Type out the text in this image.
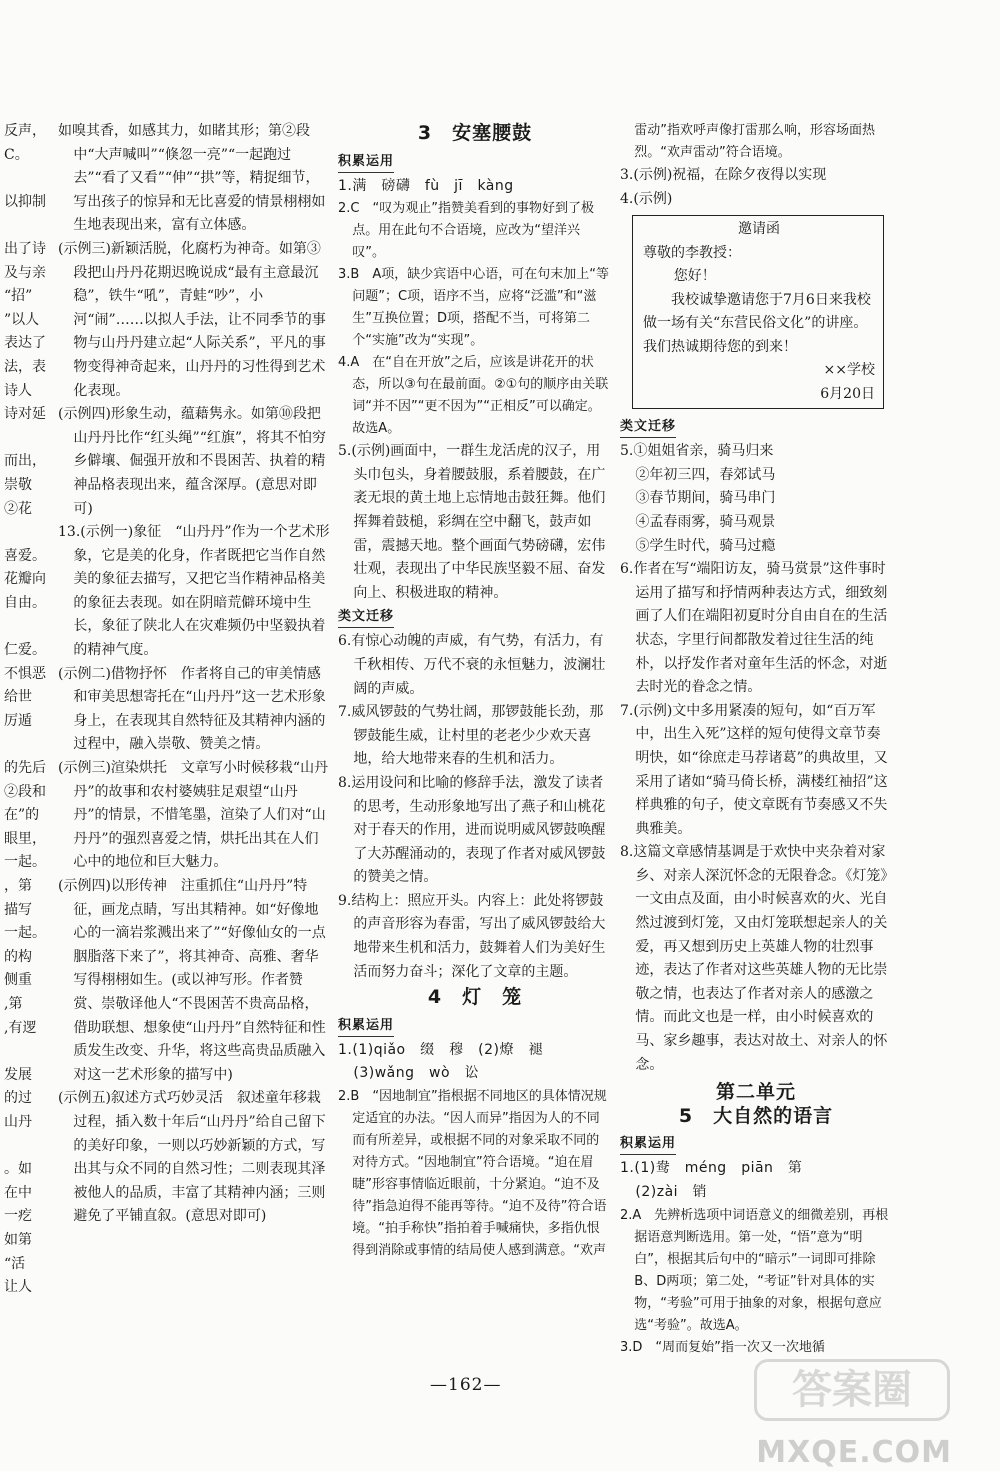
反声，

C。

以抑制

出了诗

及与亲

“招”

”以人

表达了

法，表

诗人

诗对延

而出，

崇敬

②花

喜爱。

花瓣向

自由。

仁爱。

不惧恶

给世

厉遁

的先后

②段和

在”的

眼里，

一起。

，第

描写

一起。

的构

侧重

,第

,有逻

发展

的过

山丹

。如

在中

一疙

如第

“活

让人

如嗅其香，如感其力，如睹其形；第②段中“大声喊叫”“倏忽一亮”“一起跑过去”“看了又看”“伸”“拱”等，精捉细节，写出孩子的惊异和无比喜爱的情景栩栩如生地表现出来，富有立体感。

(示例三)新颖活脱，化腐朽为神奇。如第③段把山丹丹花期迟晚说成“最有主意最沉稳”，铁牛“吼”，青蛙“吵”，小河“闹”……以拟人手法，让不同季节的事物与山丹丹建立起“人际关系”，平凡的事物变得神奇起来，山丹丹的习性得到艺术化表现。

(示例四)形象生动，蕴藉隽永。如第⑩段把山丹丹比作“红头绳”“红旗”，将其不怕穷乡僻壤、倔强开放和不畏困苦、执着的精神品格表现出来，蕴含深厚。(意思对即可)

13.(示例一)象征　“山丹丹”作为一个艺术形象，它是美的化身，作者既把它当作自然美的象征去描写，又把它当作精神品格美的象征去表现。如在阴暗荒僻环境中生长，象征了陕北人在灾难频仍中坚毅执着的精神气度。

(示例二)借物抒怀　作者将自己的审美情感和审美思想寄托在“山丹丹”这一艺术形象身上，在表现其自然特征及其精神内涵的过程中，融入崇敬、赞美之情。

(示例三)渲染烘托　文章写小时候移栽“山丹丹”的故事和农村婆姨驻足艰望“山丹丹”的情景，不惜笔墨，渲染了人们对“山丹丹”的强烈喜爱之情，烘托出其在人们心中的地位和巨大魅力。

(示例四)以形传神　注重抓住“山丹丹”特征，画龙点睛，写出其精神。如“好像地心的一滴岩浆溅出来了”“好像仙女的一点胭脂落下来了”，将其神奇、高雅、奢华写得栩栩如生。(或以神写形。作者赞赏、崇敬译他人“不畏困苦不贵高品格，借助联想、想象使“山丹丹”自然特征和性质发生改变、升华，将这些高贵品质融入对这一艺术形象的描写中)

(示例五)叙述方式巧妙灵活　叙述童年移栽过程，插入数十年后“山丹丹”给自己留下的美好印象，一则以巧妙新颖的方式，写出其与众不同的自然习性；二则表现其泽被他人的品质，丰富了其精神内涵；三则避免了平铺直叙。(意思对即可)

3　安塞腰鼓
积累运用

1.满　磅礴　fù　jī　kàng

2.C　“叹为观止”指赞美看到的事物好到了极点。用在此句不合语境，应改为“望洋兴叹”。

3.B　A项，缺少宾语中心语，可在句末加上“等问题”；C项，语序不当，应将“泛滥”和“滋生”互换位置；D项，搭配不当，可将第二个“实施”改为“实现”。

4.A　在“自在开放”之后，应该是讲花开的状态，所以③句在最前面。②①句的顺序由关联词“并不因”“更不因为”“正相反”可以确定。故选A。

5.(示例)画面中，一群生龙活虎的汉子，用头巾包头，身着腰鼓服，系着腰鼓，在广袤无垠的黄土地上忘情地击鼓狂舞。他们挥舞着鼓槌，彩绸在空中翻飞，鼓声如雷，震撼天地。整个画面气势磅礴，宏伟壮观，表现出了中华民族坚毅不屈、奋发向上、积极进取的精神。

类文迁移

6.有惊心动魄的声威，有气势，有活力，有千秋相传、万代不衰的永恒魅力，波澜壮阔的声威。

7.威风锣鼓的气势壮阔，那锣鼓能长劲，那锣鼓能生威，让村里的老老少少欢天喜地，给大地带来春的生机和活力。

8.运用设问和比喻的修辞手法，激发了读者的思考，生动形象地写出了燕子和山桃花对于春天的作用，进而说明威风锣鼓唤醒了大苏醒涌动的，表现了作者对威风锣鼓的赞美之情。

9.结构上：照应开头。内容上：此处将锣鼓的声音形容为春雷，写出了威风锣鼓给大地带来生机和活力，鼓舞着人们为美好生活而努力奋斗；深化了文章的主题。

4　灯　笼
积累运用

1.(1)qiǎo　缀　穆　(2)燎　褪

(3)wǎng　wò　讼

2.B　“因地制宜”指根据不同地区的具体情况规定适宜的办法。“因人而异”指因为人的不同而有所差异，或根据不同的对象采取不同的对待方式。“因地制宜”符合语境。“迫在眉睫”形容事情临近眼前，十分紧迫。“迫不及待”指急迫得不能再等待。“迫不及待”符合语境。“拍手称快”指拍着手喊痛快，多指仇恨得到消除或事情的结局使人感到满意。“欢声

雷动”指欢呼声像打雷那么响，形容场面热烈。“欢声雷动”符合语境。

3.(示例)祝福，在除夕夜得以实现

4.(示例)

邀请函
尊敬的李教授：
您好！
我校诚挚邀请您于7月6日来我校做一场有关“东营民俗文化”的讲座。我们热诚期待您的到来！
××学校
6月20日
类文迁移

5.①姐姐省亲，骑马归来

②年初三四，春郊试马

③春节期间，骑马串门

④孟春雨雾，骑马观景

⑤学生时代，骑马过瘾

6.作者在写“端阳访友，骑马赏景”这件事时运用了描写和抒情两种表达方式，细致刻画了人们在端阳初夏时分自由自在的生活状态，字里行间都散发着过往生活的纯朴，以抒发作者对童年生活的怀念，对逝去时光的眷念之情。

7.(示例)文中多用紧凑的短句，如“百万军中，出生入死”这样的短句使得文章节奏明快，如“徐庶走马荐诸葛”的典故里，又采用了诸如“骑马倚长桥，满楼红袖招”这样典雅的句子，使文章既有节奏感又不失典雅美。

8.这篇文章感情基调是于欢快中夹杂着对家乡、对亲人深沉怀念的无限眷念。《灯笼》一文由点及面，由小时候喜欢的火、光自然过渡到灯笼，又由灯笼联想起亲人的关爱，再又想到历史上英雄人物的壮烈事迹，表达了作者对这些英雄人物的无比崇敬之情，也表达了作者对亲人的感激之情。而此文也是一样，由小时候喜欢的马、家乡趣事，表达对故土、对亲人的怀念。

第二单元
5　大自然的语言
积累运用

1.(1)鸯　méng　piān　第

(2)zài　销

2.A　先辨析选项中词语意义的细微差别，再根据语意判断选用。第一处，“悟”意为“明白”，根据其后句中的“暗示”一词即可排除B、D两项；第二处，“考证”针对具体的实物，“考验”可用于抽象的对象，根据句意应选“考验”。故选A。

3.D　“周而复始”指一次又一次地循

—162—	答案圈
MXQE.COM
